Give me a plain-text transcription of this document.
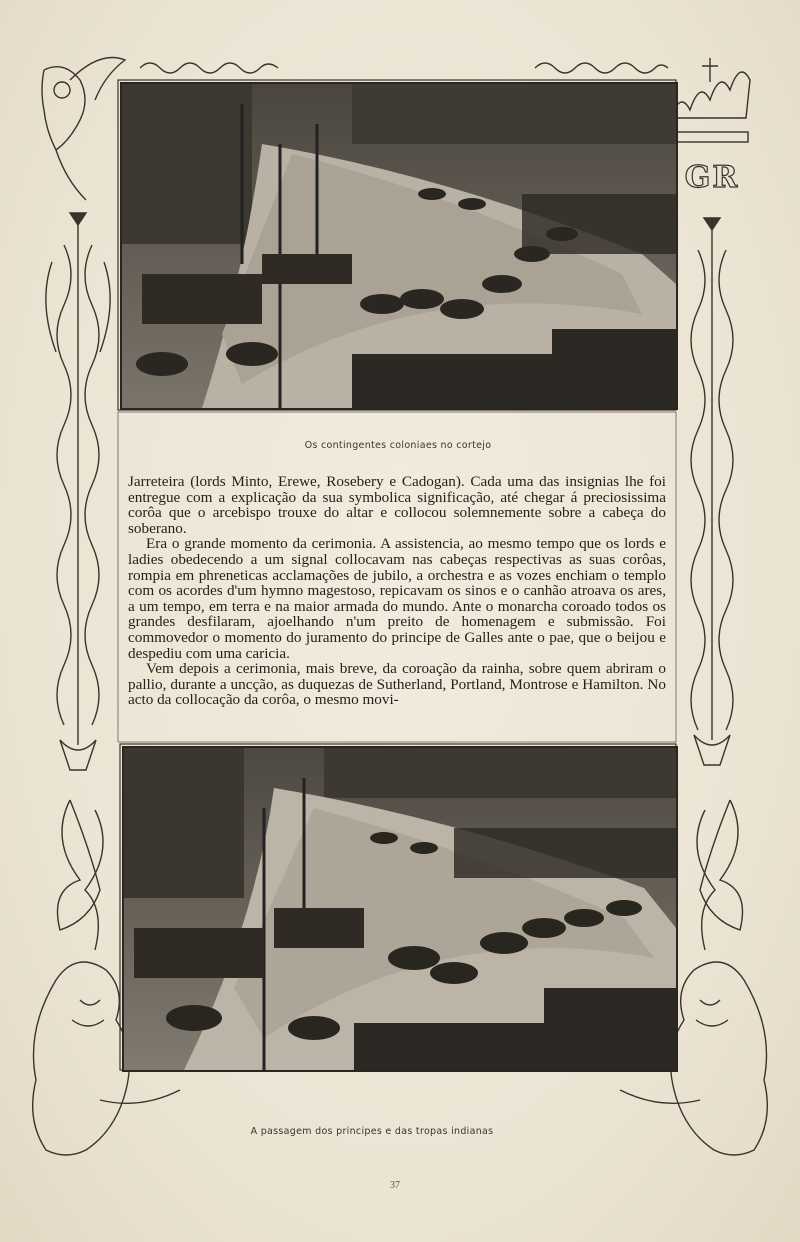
GR
Os contingentes coloniaes no cortejo

Jarreteira (lords Minto, Erewe, Rosebery e Cadogan). Cada uma das insignias lhe foi entregue com a explicação da sua symbolica significação, até chegar á preciosissima corôa que o arcebispo trouxe do altar e collocou solemnemente sobre a cabeça do soberano.

Era o grande momento da cerimonia. A assistencia, ao mesmo tempo que os lords e ladies obedecendo a um signal collocavam nas cabeças respectivas as suas corôas, rompia em phreneticas acclamações de jubilo, a orchestra e as vozes enchiam o templo com os acordes d'um hymno magestoso, repicavam os sinos e o canhão atroava os ares, a um tempo, em terra e na maior armada do mundo. Ante o monarcha coroado todos os grandes desfilaram, ajoelhando n'um preito de homenagem e submissão. Foi commovedor o momento do juramento do principe de Galles ante o pae, que o beijou e despediu com uma caricia.

Vem depois a cerimonia, mais breve, da coroação da rainha, sobre quem abriram o pallio, durante a uncção, as duquezas de Sutherland, Portland, Montrose e Hamilton. No acto da collocação da corôa, o mesmo movi-

A passagem dos principes e das tropas indianas
37
